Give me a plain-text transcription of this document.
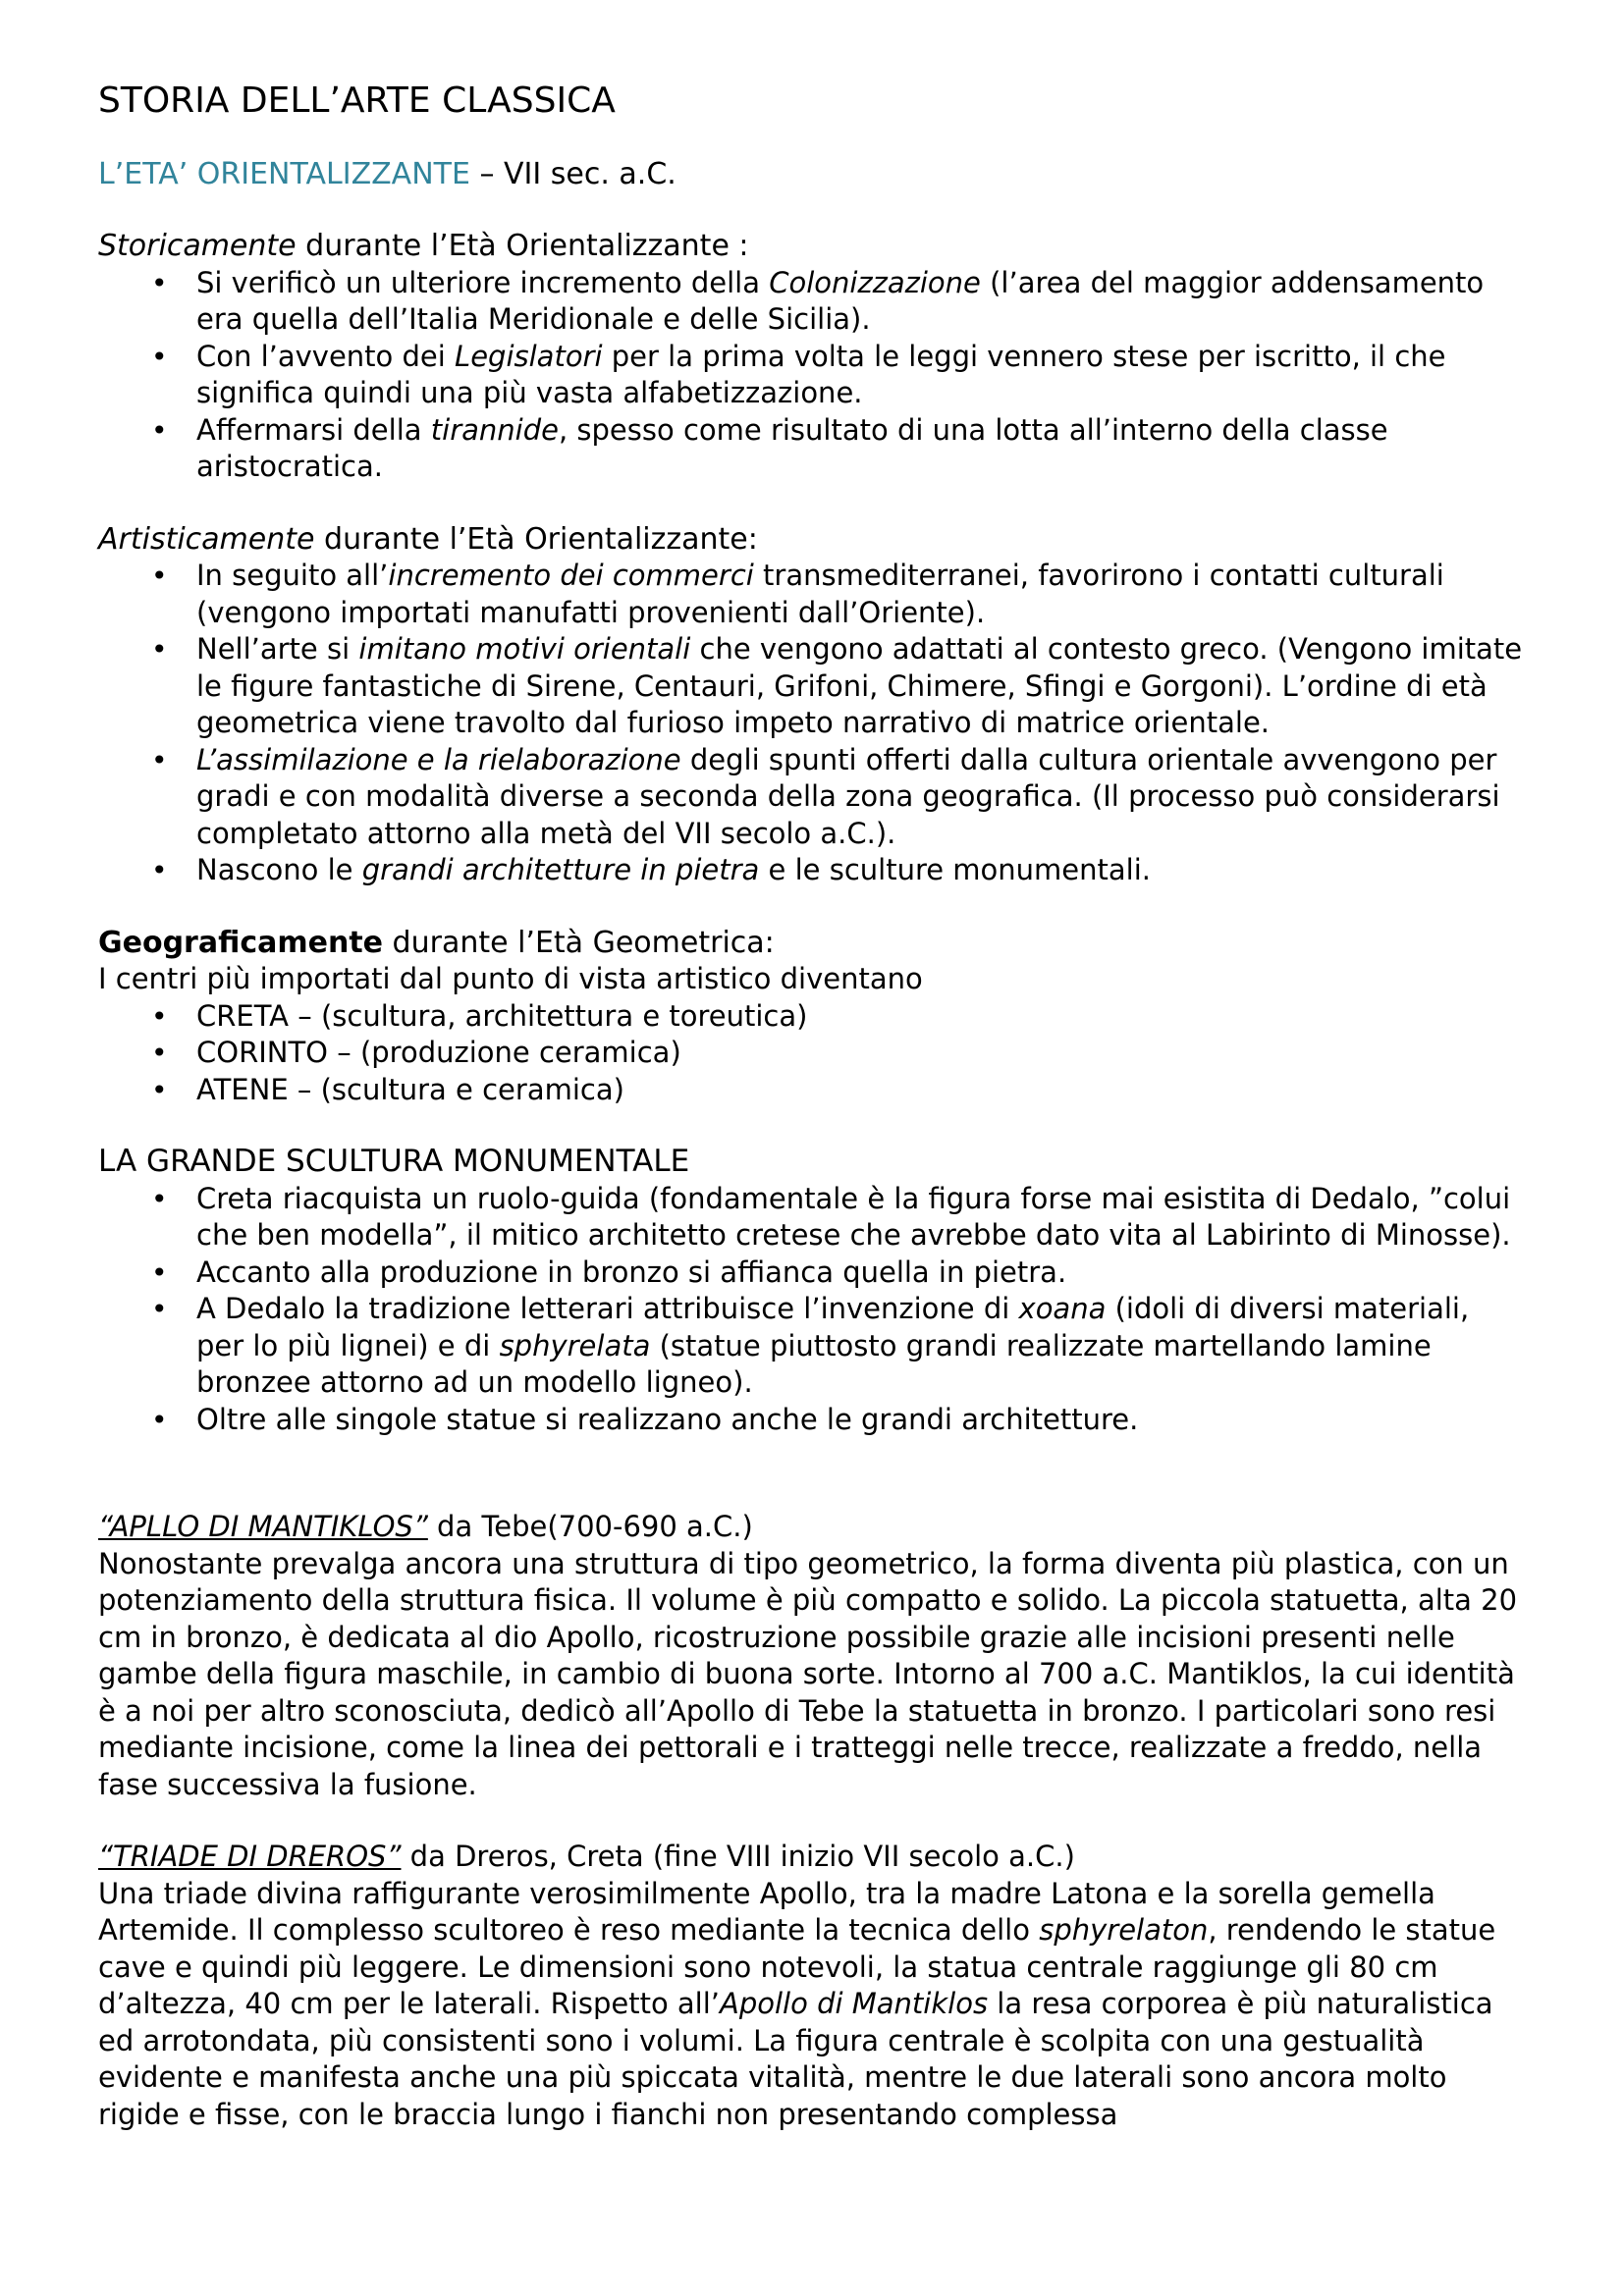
STORIA DELL’ARTE CLASSICA
L’ETA’ ORIENTALIZZANTE – VII sec. a.C.

Storicamente durante l’Età Orientalizzante :

• Si verificò un ulteriore incremento della Colonizzazione (l’area del maggior addensamento era quella dell’Italia Meridionale e delle Sicilia).
• Con l’avvento dei Legislatori per la prima volta le leggi vennero stese per iscritto, il che significa quindi una più vasta alfabetizzazione.
• Affermarsi della tirannide, spesso come risultato di una lotta all’interno della classe aristocratica.

Artisticamente durante l’Età Orientalizzante:

• In seguito all’incremento dei commerci transmediterranei, favorirono i contatti culturali (vengono importati manufatti provenienti dall’Oriente).
• Nell’arte si imitano motivi orientali che vengono adattati al contesto greco. (Vengono imitate le figure fantastiche di Sirene, Centauri, Grifoni, Chimere, Sfingi e Gorgoni). L’ordine di età geometrica viene travolto dal furioso impeto narrativo di matrice orientale.
• L’assimilazione e la rielaborazione degli spunti offerti dalla cultura orientale avvengono per gradi e con modalità diverse a seconda della zona geografica. (Il processo può considerarsi completato attorno alla metà del VII secolo a.C.).
• Nascono le grandi architetture in pietra e le sculture monumentali.

Geograficamente durante l’Età Geometrica:

I centri più importati dal punto di vista artistico diventano

• CRETA – (scultura, architettura e toreutica)
• CORINTO – (produzione ceramica)
• ATENE – (scultura e ceramica)

LA GRANDE SCULTURA MONUMENTALE

• Creta riacquista un ruolo-guida (fondamentale è la figura forse mai esistita di Dedalo, ”colui che ben modella”, il mitico architetto cretese che avrebbe dato vita al Labirinto di Minosse).
• Accanto alla produzione in bronzo si affianca quella in pietra.
• A Dedalo la tradizione letterari attribuisce l’invenzione di xoana (idoli di diversi materiali, per lo più lignei) e di sphyrelata (statue piuttosto grandi realizzate martellando lamine bronzee attorno ad un modello ligneo).
• Oltre alle singole statue si realizzano anche le grandi architetture.

“APLLO DI MANTIKLOS” da Tebe(700-690 a.C.)

Nonostante prevalga ancora una struttura di tipo geometrico, la forma diventa più plastica, con un potenziamento della struttura fisica. Il volume è più compatto e solido. La piccola statuetta, alta 20 cm in bronzo, è dedicata al dio Apollo, ricostruzione possibile grazie alle incisioni presenti nelle gambe della figura maschile, in cambio di buona sorte. Intorno al 700 a.C. Mantiklos, la cui identità è a noi per altro sconosciuta, dedicò all’Apollo di Tebe la statuetta in bronzo. I particolari sono resi mediante incisione, come la linea dei pettorali e i tratteggi nelle trecce, realizzate a freddo, nella fase successiva la fusione.

“TRIADE DI DREROS” da Dreros, Creta (fine VIII inizio VII secolo a.C.)

Una triade divina raffigurante verosimilmente Apollo, tra la madre Latona e la sorella gemella Artemide. Il complesso scultoreo è reso mediante la tecnica dello sphyrelaton, rendendo le statue cave e quindi più leggere. Le dimensioni sono notevoli, la statua centrale raggiunge gli 80 cm d’altezza, 40 cm per le laterali. Rispetto all’Apollo di Mantiklos la resa corporea è più naturalistica ed arrotondata, più consistenti sono i volumi. La figura centrale è scolpita con una gestualità evidente e manifesta anche una più spiccata vitalità, mentre le due laterali sono ancora molto rigide e fisse, con le braccia lungo i fianchi non presentando complessa
